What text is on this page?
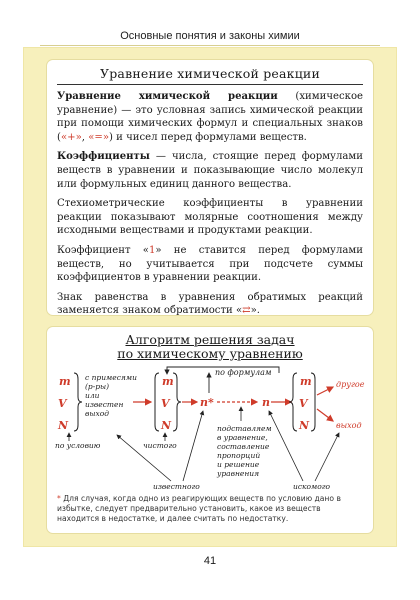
Основные понятия и законы химии
Уравнение химической реакции

Уравнение химической реакции (химическое уравнение) — это условная запись химической реакции при помощи химических формул и специальных знаков («+», «=») и чисел перед формулами веществ.

Коэффициенты — числа, стоящие перед формулами веществ в уравнении и показывающие число молекул или формульных единиц данного вещества.

Стехиометрические коэффициенты в уравнении реакции показывают молярные соотношения между исходными веществами и продуктами реакции.

Коэффициент «1» не ставится перед формулами веществ, но учитывается при подсчете суммы коэффициентов в уравнении реакции.

Знак равенства в уравнения обратимых реакций заменяется знаком обратимости «⇄».

Алгоритм решения задач
по химическому уравнению
m
V
N
с примесями
(р-ры)
или
известен
выход
m
V
N
n*	n
m
V
N
другое
выход
по формулам
по условию	чистого
подставляем
в уравнение,
составление
пропорций
и решение
уравнения
известного	искомого
* Для случая, когда одно из реагирующих веществ по условию дано в избытке, следует предварительно установить, какое из веществ находится в недостатке, и далее считать по недостатку.
41
